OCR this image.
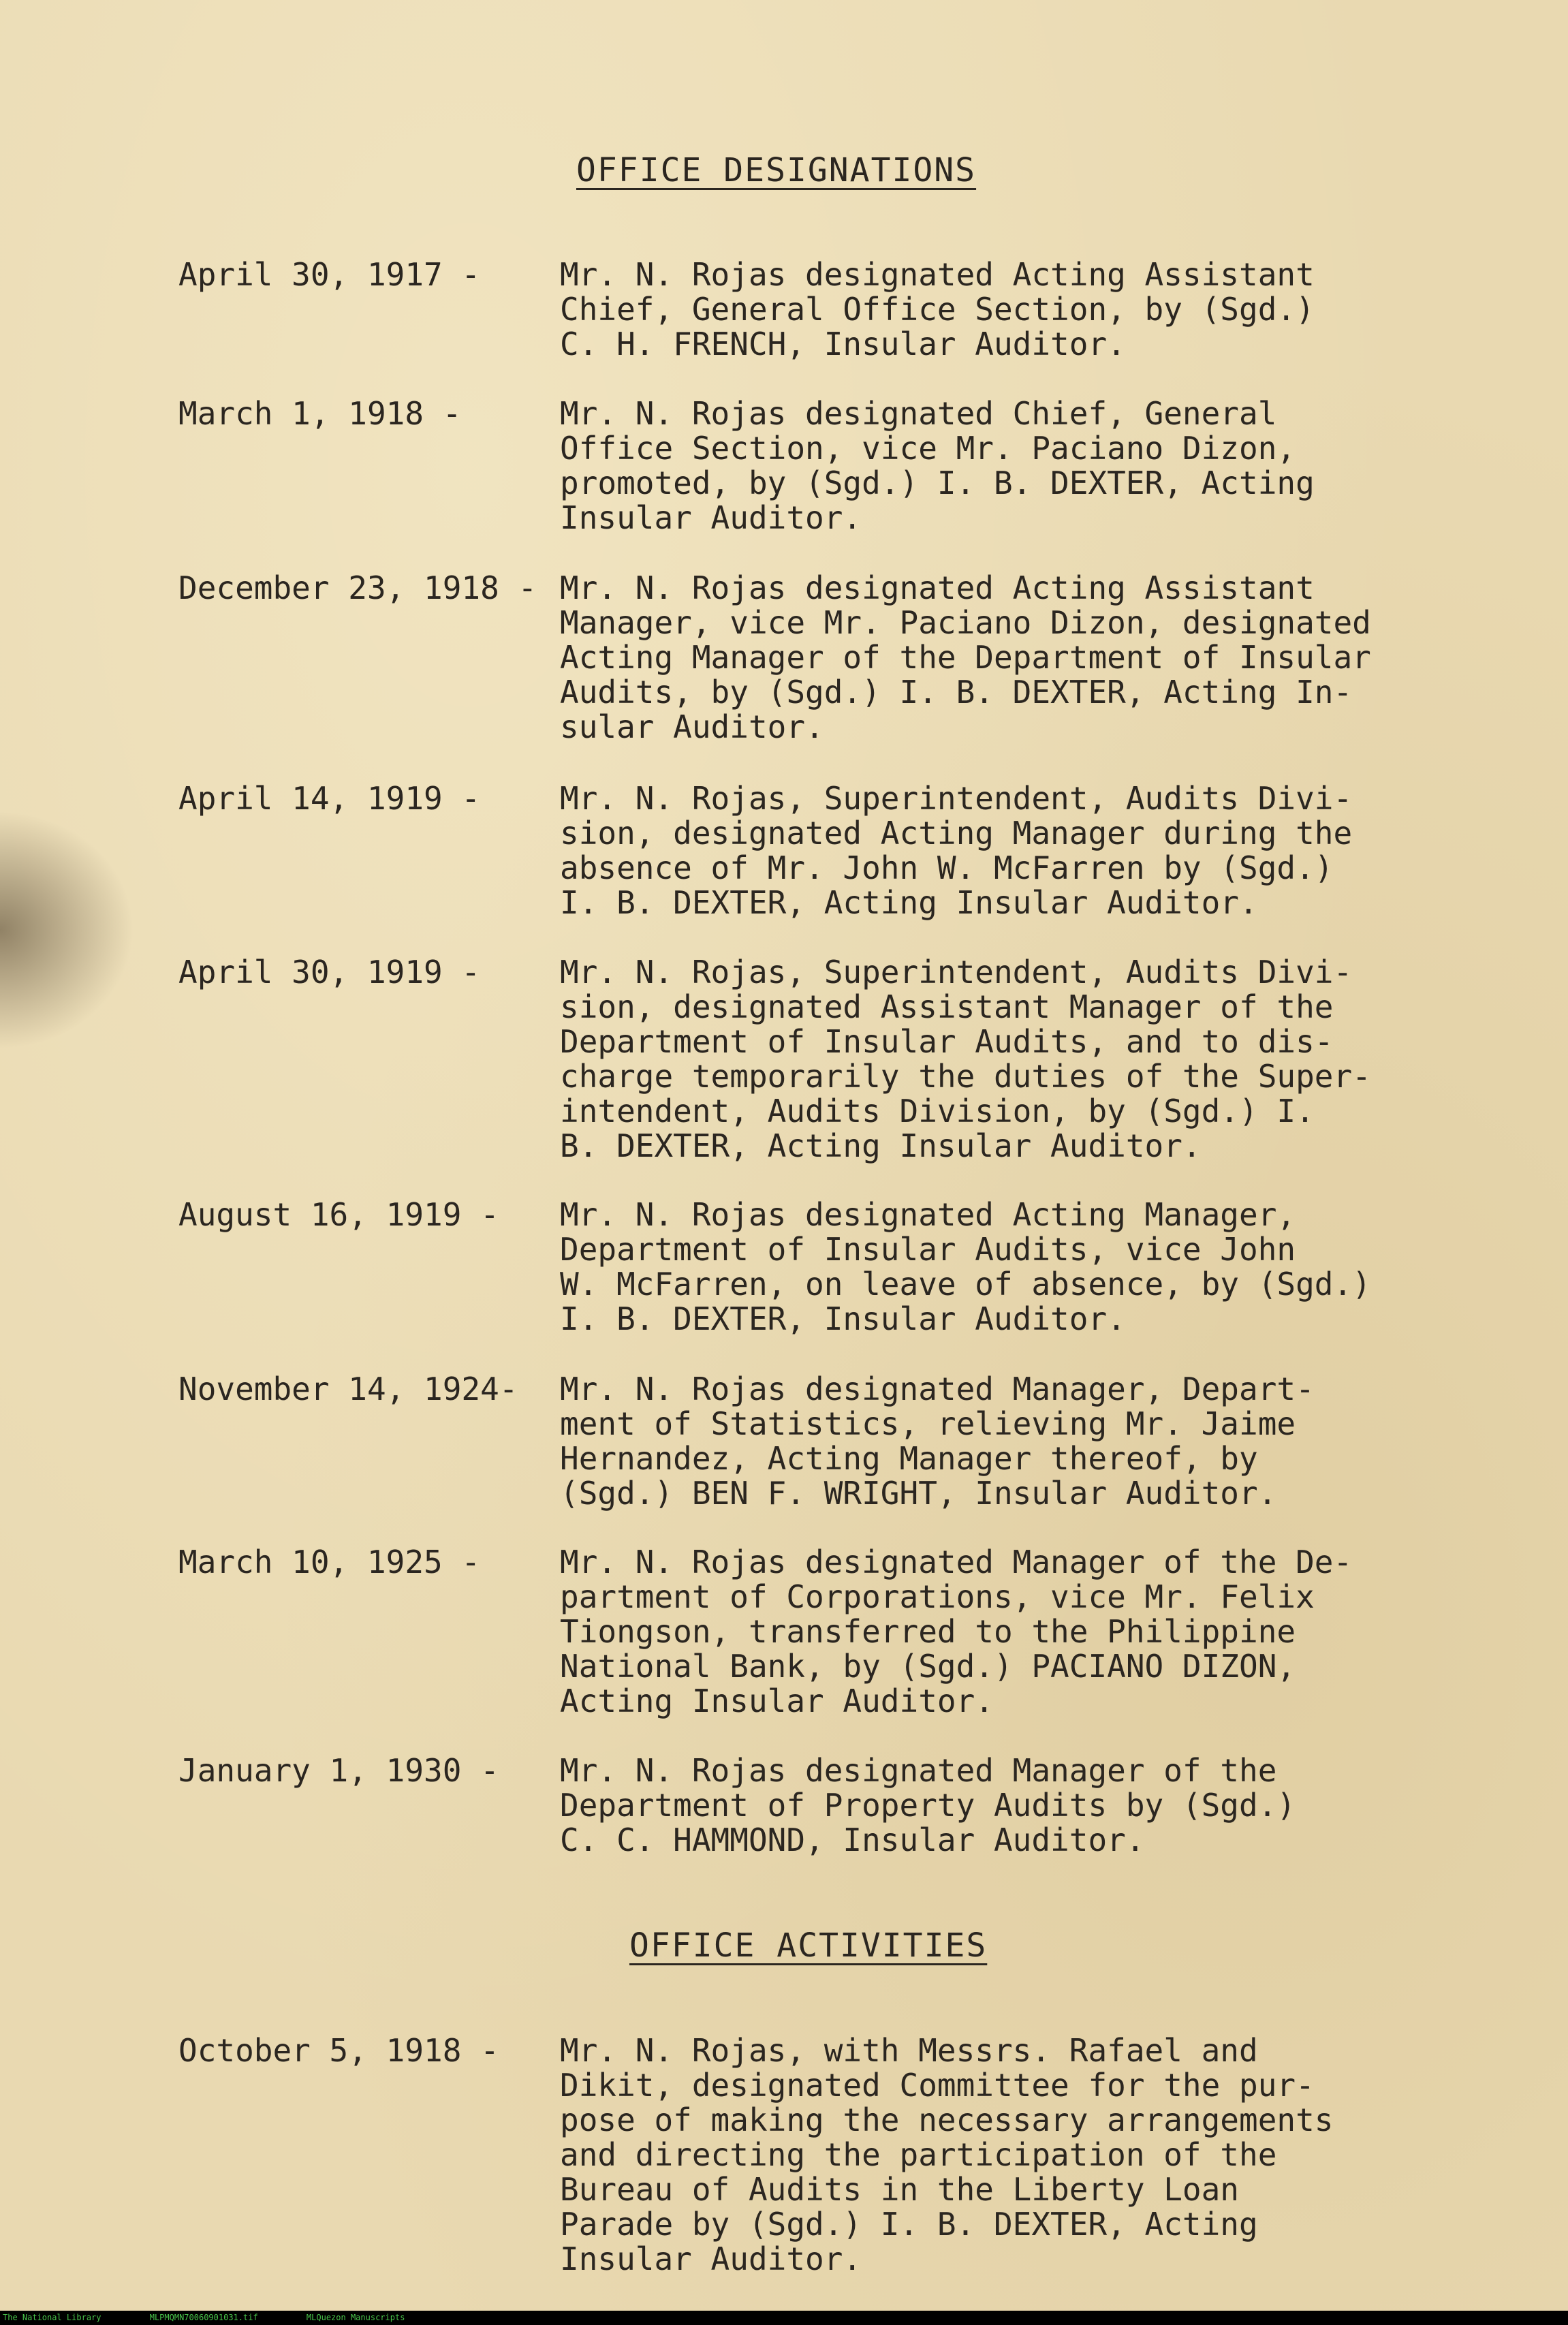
OFFICE DESIGNATIONS
April 30, 1917 -	Mr. N. Rojas designated Acting Assistant
Chief, General Office Section, by (Sgd.)
C. H. FRENCH, Insular Auditor.
March 1, 1918 -	Mr. N. Rojas designated Chief, General
Office Section, vice Mr. Paciano Dizon,
promoted, by (Sgd.) I. B. DEXTER, Acting
Insular Auditor.
December 23, 1918 - Mr. N. Rojas designated Acting Assistant
Manager, vice Mr. Paciano Dizon, designated
Acting Manager of the Department of Insular
Audits, by (Sgd.) I. B. DEXTER, Acting In-
sular Auditor.
April 14, 1919 -	Mr. N. Rojas, Superintendent, Audits Divi-
sion, designated Acting Manager during the
absence of Mr. John W. McFarren by (Sgd.)
I. B. DEXTER, Acting Insular Auditor.
April 30, 1919 -	Mr. N. Rojas, Superintendent, Audits Divi-
sion, designated Assistant Manager of the
Department of Insular Audits, and to dis-
charge temporarily the duties of the Super-
intendent, Audits Division, by (Sgd.) I.
B. DEXTER, Acting Insular Auditor.
August 16, 1919 - Mr. N. Rojas designated Acting Manager,
Department of Insular Audits, vice John
W. McFarren, on leave of absence, by (Sgd.)
I. B. DEXTER, Insular Auditor.
November 14, 1924- Mr. N. Rojas designated Manager, Depart-
ment of Statistics, relieving Mr. Jaime
Hernandez, Acting Manager thereof, by
(Sgd.) BEN F. WRIGHT, Insular Auditor.
March 10, 1925 -	Mr. N. Rojas designated Manager of the De-
partment of Corporations, vice Mr. Felix
Tiongson, transferred to the Philippine
National Bank, by (Sgd.) PACIANO DIZON,
Acting Insular Auditor.
January 1, 1930 - Mr. N. Rojas designated Manager of the
Department of Property Audits by (Sgd.)
C. C. HAMMOND, Insular Auditor.
OFFICE ACTIVITIES
October 5, 1918 - Mr. N. Rojas, with Messrs. Rafael and
Dikit, designated Committee for the pur-
pose of making the necessary arrangements
and directing the participation of the
Bureau of Audits in the Liberty Loan
Parade by (Sgd.) I. B. DEXTER, Acting
Insular Auditor.
The National Library	MLPMQMN70060901031.tif	MLQuezon Manuscripts
